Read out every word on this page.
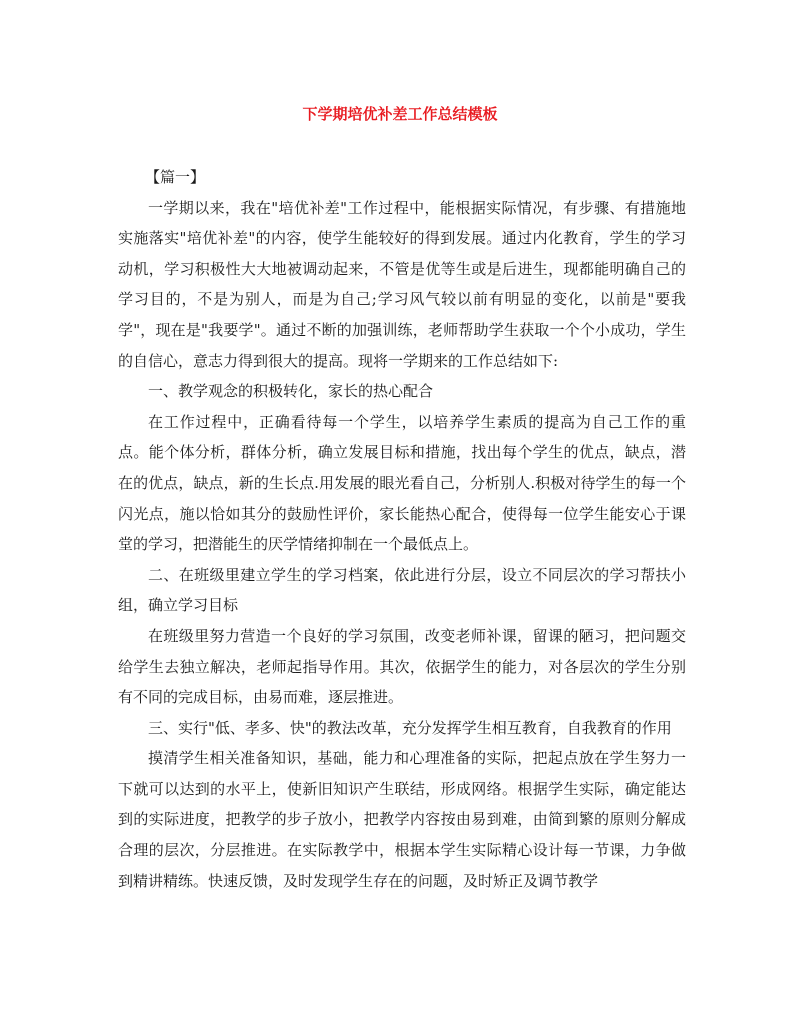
下学期培优补差工作总结模板

【篇一】

一学期以来，我在"培优补差"工作过程中，能根据实际情况，有步骤、有措施地实施落实"培优补差"的内容，使学生能较好的得到发展。通过内化教育，学生的学习动机，学习积极性大大地被调动起来，不管是优等生或是后进生，现都能明确自己的学习目的，不是为别人，而是为自己;学习风气较以前有明显的变化，以前是"要我学"，现在是"我要学"。通过不断的加强训练，老师帮助学生获取一个个小成功，学生的自信心，意志力得到很大的提高。现将一学期来的工作总结如下:

一、教学观念的积极转化，家长的热心配合

在工作过程中，正确看待每一个学生，以培养学生素质的提高为自己工作的重点。能个体分析，群体分析，确立发展目标和措施，找出每个学生的优点，缺点，潜在的优点，缺点，新的生长点.用发展的眼光看自己，分析别人.积极对待学生的每一个闪光点，施以恰如其分的鼓励性评价，家长能热心配合，使得每一位学生能安心于课堂的学习，把潜能生的厌学情绪抑制在一个最低点上。

二、在班级里建立学生的学习档案，依此进行分层，设立不同层次的学习帮扶小组，确立学习目标

在班级里努力营造一个良好的学习氛围，改变老师补课，留课的陋习，把问题交给学生去独立解决，老师起指导作用。其次，依据学生的能力，对各层次的学生分别有不同的完成目标，由易而难，逐层推进。

三、实行"低、孝多、快"的教法改革，充分发挥学生相互教育，自我教育的作用

摸清学生相关准备知识，基础，能力和心理准备的实际，把起点放在学生努力一下就可以达到的水平上，使新旧知识产生联结，形成网络。根据学生实际，确定能达到的实际进度，把教学的步子放小，把教学内容按由易到难，由简到繁的原则分解成合理的层次，分层推进。在实际教学中，根据本学生实际精心设计每一节课，力争做到精讲精练。快速反馈，及时发现学生存在的问题，及时矫正及调节教学
